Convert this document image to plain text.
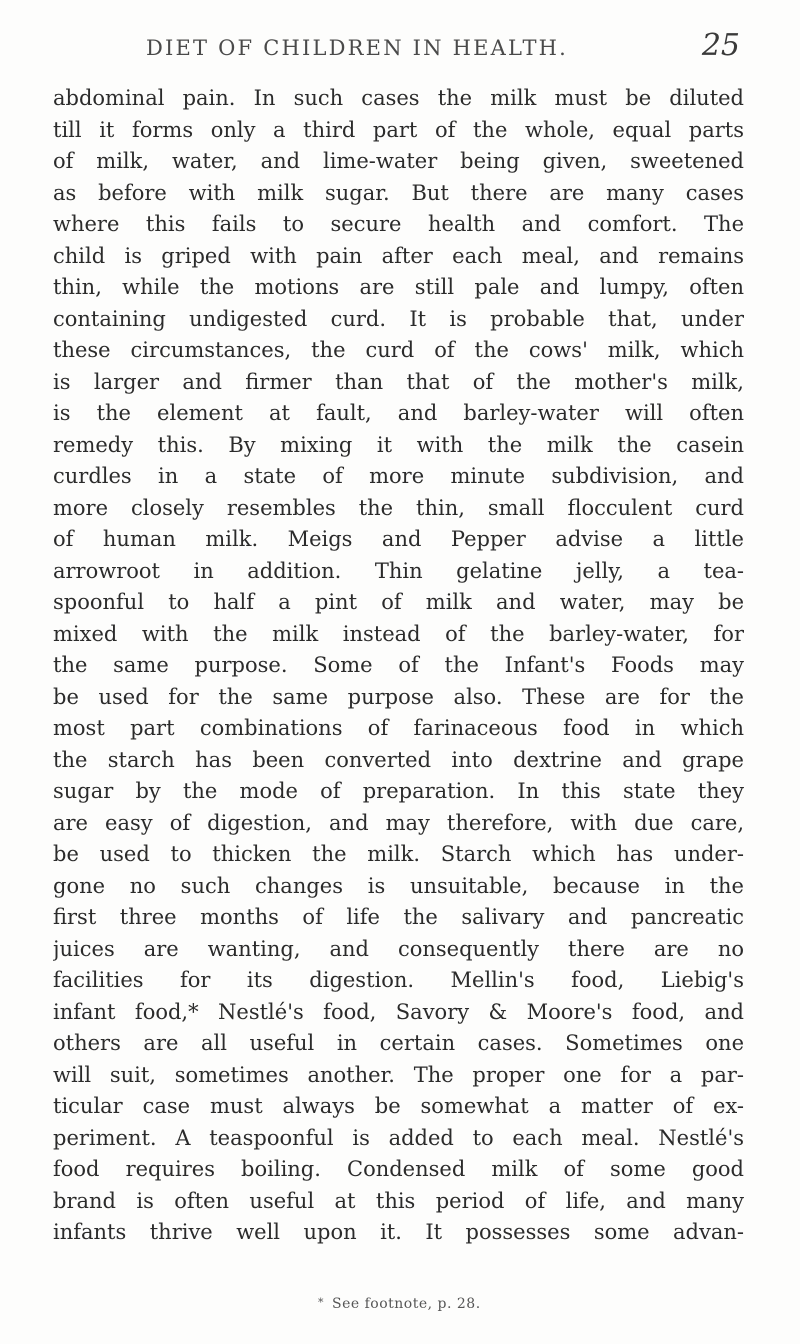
DIET OF CHILDREN IN HEALTH.	25
abdominal pain. In such cases the milk must be diluted
till it forms only a third part of the whole, equal parts
of milk, water, and lime-water being given, sweetened
as before with milk sugar. But there are many cases
where this fails to secure health and comfort. The
child is griped with pain after each meal, and remains
thin, while the motions are still pale and lumpy, often
containing undigested curd. It is probable that, under
these circumstances, the curd of the cows' milk, which
is larger and firmer than that of the mother's milk,
is the element at fault, and barley-water will often
remedy this. By mixing it with the milk the casein
curdles in a state of more minute subdivision, and
more closely resembles the thin, small flocculent curd
of human milk. Meigs and Pepper advise a little
arrowroot in addition. Thin gelatine jelly, a tea-
spoonful to half a pint of milk and water, may be
mixed with the milk instead of the barley-water, for
the same purpose. Some of the Infant's Foods may
be used for the same purpose also. These are for the
most part combinations of farinaceous food in which
the starch has been converted into dextrine and grape
sugar by the mode of preparation. In this state they
are easy of digestion, and may therefore, with due care,
be used to thicken the milk. Starch which has under-
gone no such changes is unsuitable, because in the
first three months of life the salivary and pancreatic
juices are wanting, and consequently there are no
facilities for its digestion. Mellin's food, Liebig's
infant food,* Nestlé's food, Savory & Moore's food, and
others are all useful in certain cases. Sometimes one
will suit, sometimes another. The proper one for a par-
ticular case must always be somewhat a matter of ex-
periment. A teaspoonful is added to each meal. Nestlé's
food requires boiling. Condensed milk of some good
brand is often useful at this period of life, and many
infants thrive well upon it. It possesses some advan-
* See footnote, p. 28.
